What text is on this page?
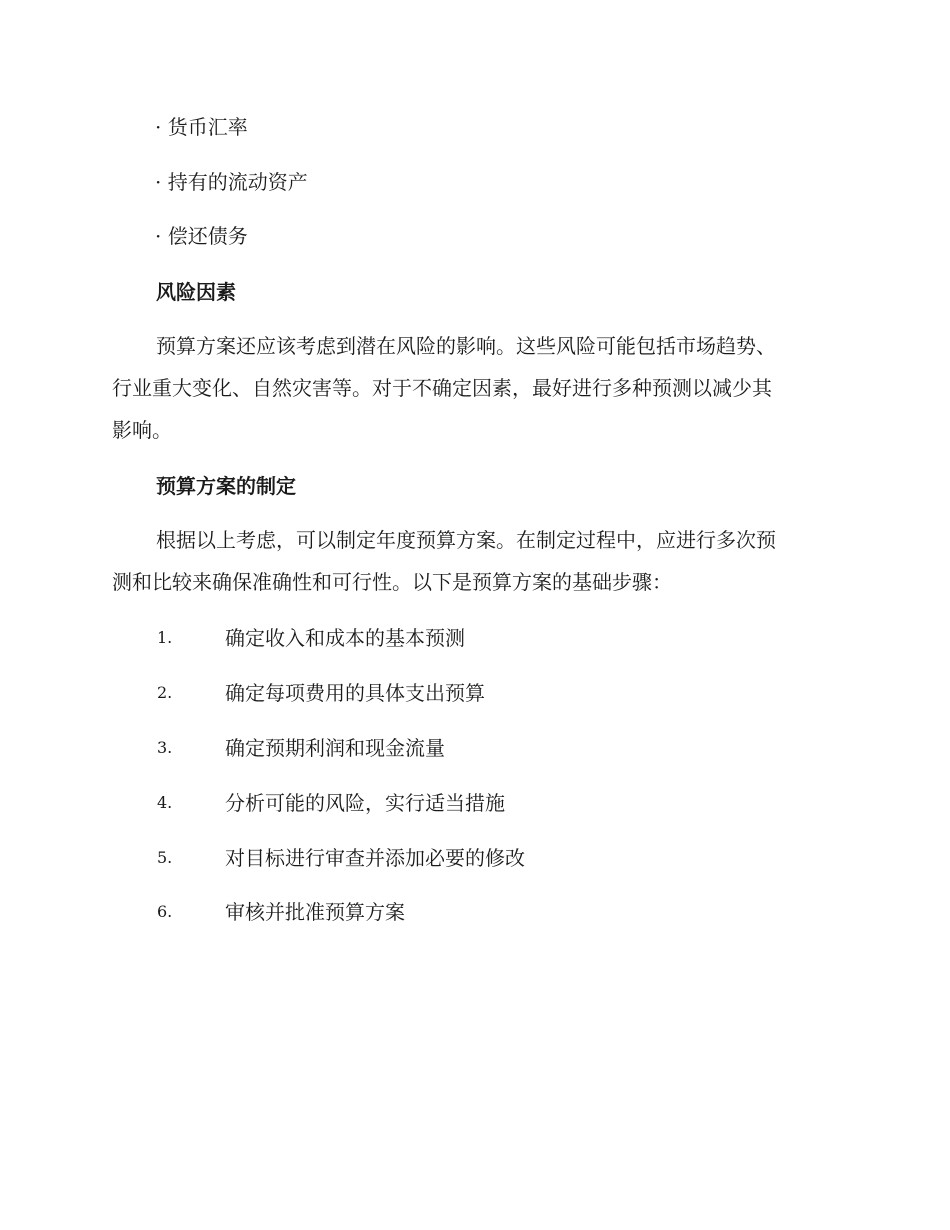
· 货币汇率
· 持有的流动资产
· 偿还债务
风险因素
预算方案还应该考虑到潜在风险的影响。这些风险可能包括市场趋势、
行业重大变化、自然灾害等。对于不确定因素，最好进行多种预测以减少其
影响。
预算方案的制定
根据以上考虑，可以制定年度预算方案。在制定过程中，应进行多次预
测和比较来确保准确性和可行性。以下是预算方案的基础步骤：
1.	确定收入和成本的基本预测
2.	确定每项费用的具体支出预算
3.	确定预期利润和现金流量
4.	分析可能的风险，实行适当措施
5.	对目标进行审查并添加必要的修改
6.	审核并批准预算方案
